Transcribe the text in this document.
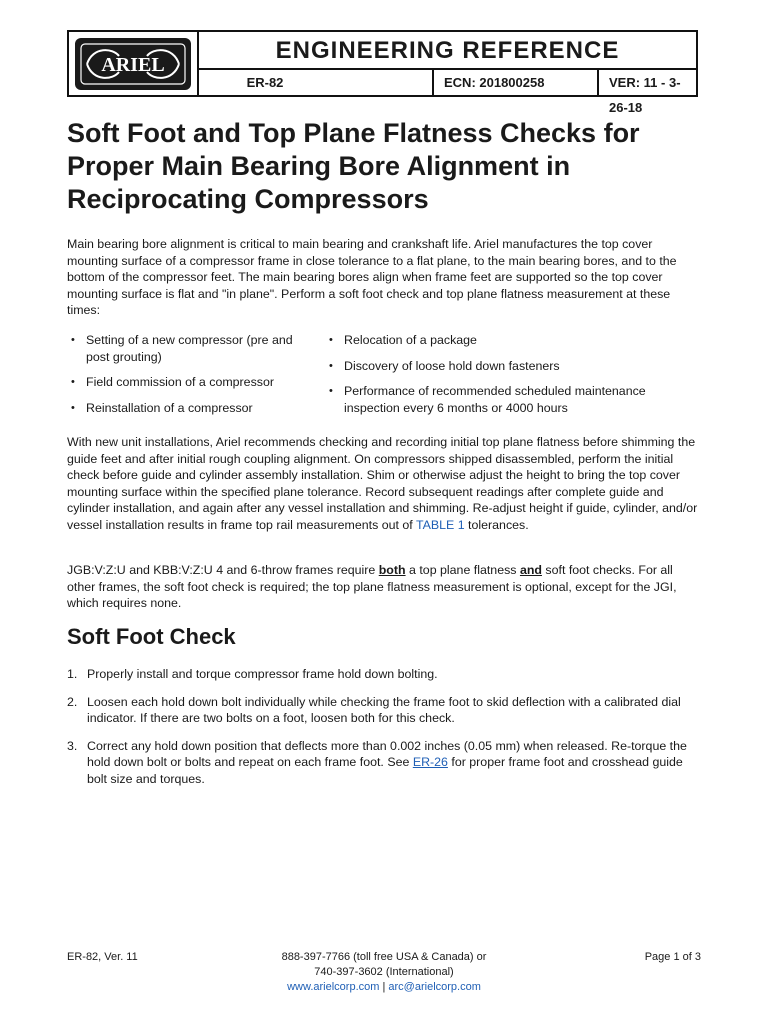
ARIEL
ENGINEERING REFERENCE
ER-82	ECN: 201800258	VER: 11 - 3-26-18
Soft Foot and Top Plane Flatness Checks for Proper Main Bearing Bore Alignment in Reciprocating Compressors

Main bearing bore alignment is critical to main bearing and crankshaft life. Ariel manufactures the top cover mounting surface of a compressor frame in close tolerance to a flat plane, to the main bearing bores, and to the bottom of the compressor feet. The main bearing bores align when frame feet are supported so the top cover mounting surface is flat and "in plane". Perform a soft foot check and top plane flatness measurement at these times:

• Setting of a new compressor (pre and post grouting)
• Field commission of a compressor
• Reinstallation of a compressor
• Relocation of a package
• Discovery of loose hold down fasteners
• Performance of recommended scheduled maintenance inspection every 6 months or 4000 hours

With new unit installations, Ariel recommends checking and recording initial top plane flatness before shimming the guide feet and after initial rough coupling alignment. On compressors shipped disassembled, perform the initial check before guide and cylinder assembly installation. Shim or otherwise adjust the height to bring the top cover mounting surface within the specified plane tolerance. Record subsequent readings after complete guide and cylinder installation, and again after any vessel installation and shimming. Re-adjust height if guide, cylinder, and/or vessel installation results in frame top rail measurements out of TABLE 1 tolerances.

JGB:V:Z:U and KBB:V:Z:U 4 and 6-throw frames require both a top plane flatness and soft foot checks. For all other frames, the soft foot check is required; the top plane flatness measurement is optional, except for the JGI, which requires none.

Soft Foot Check
1. Properly install and torque compressor frame hold down bolting.
2. Loosen each hold down bolt individually while checking the frame foot to skid deflection with a calibrated dial indicator. If there are two bolts on a foot, loosen both for this check.
3. Correct any hold down position that deflects more than 0.002 inches (0.05 mm) when released. Re-torque the hold down bolt or bolts and repeat on each frame foot. See ER-26 for proper frame foot and crosshead guide bolt size and torques.
ER-82, Ver. 11	888-397-7766 (toll free USA & Canada) or
740-397-3602 (International)
www.arielcorp.com | arc@arielcorp.com
Page 1 of 3
